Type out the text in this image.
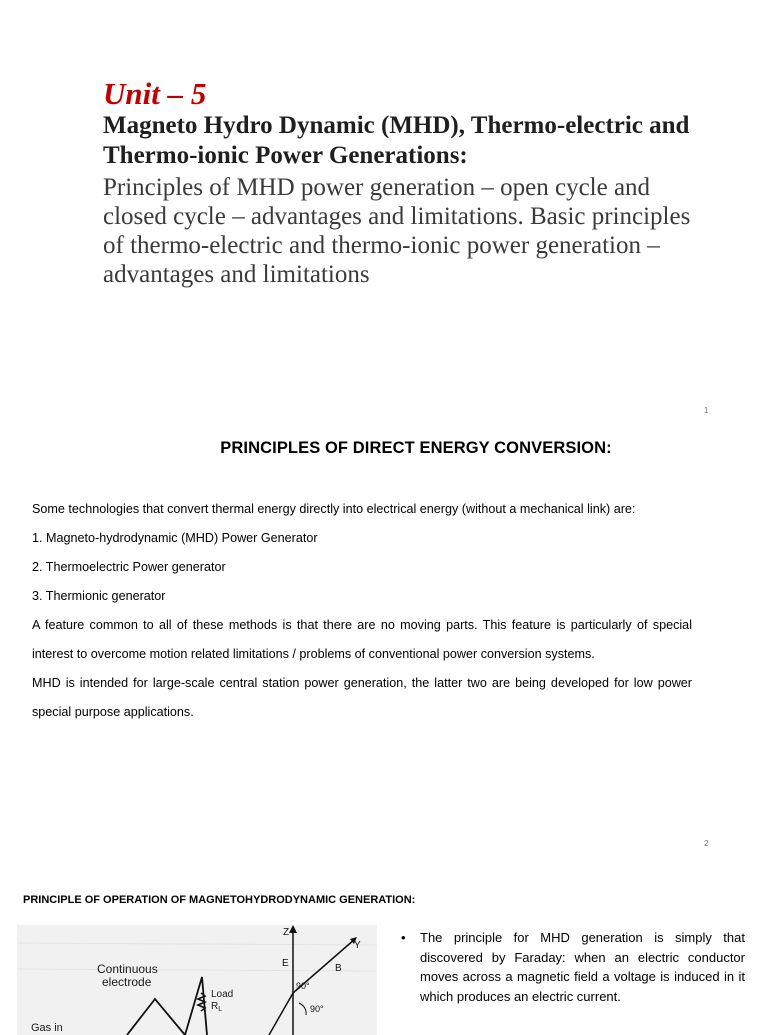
Unit – 5
Magneto Hydro Dynamic (MHD), Thermo-electric and Thermo-ionic Power Generations:

Principles of MHD power generation – open cycle and closed cycle – advantages and limitations. Basic principles of thermo-electric and thermo-ionic power generation – advantages and limitations

1
PRINCIPLES OF DIRECT ENERGY CONVERSION:

Some technologies that convert thermal energy directly into electrical energy (without a mechanical link) are:

1. Magneto-hydrodynamic (MHD) Power Generator

2. Thermoelectric Power generator

3. Thermionic generator

A feature common to all of these methods is that there are no moving parts. This feature is particularly of special interest to overcome motion related limitations / problems of conventional power conversion systems.

MHD is intended for large-scale central station power generation, the latter two are being developed for low power special purpose applications.

2
PRINCIPLE OF OPERATION OF MAGNETOHYDRODYNAMIC GENERATION:
Continuous
electrode
Load
$R_L$
Gas in
Z
Y
E	B
90°
90°
• The principle for MHD generation is simply that discovered by Faraday: when an electric conductor moves across a magnetic field a voltage is induced in it which produces an electric current.
